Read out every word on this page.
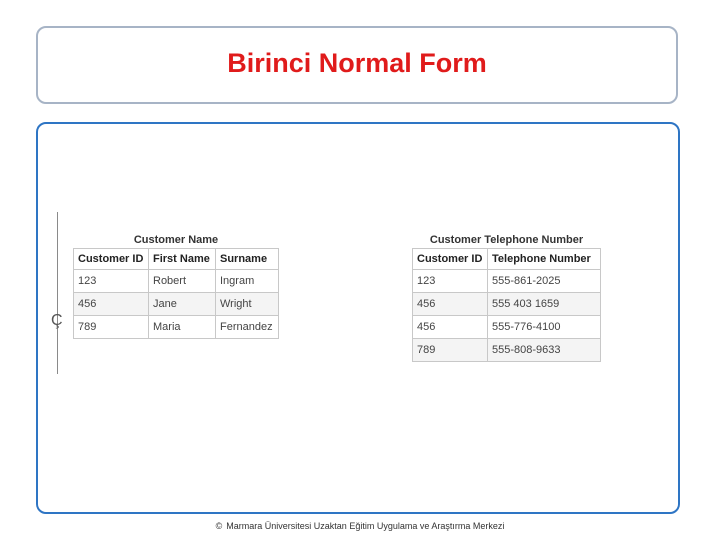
Birinci Normal Form
Ç
Customer Name
Customer ID	First Name	Surname
123	Robert	Ingram
456	Jane	Wright
789	Maria	Fernandez
Customer Telephone Number
Customer ID	Telephone Number
123	555-861-2025
456	555 403 1659
456	555-776-4100
789	555-808-9633
© Marmara Üniversitesi Uzaktan Eğitim Uygulama ve Araştırma Merkezi
